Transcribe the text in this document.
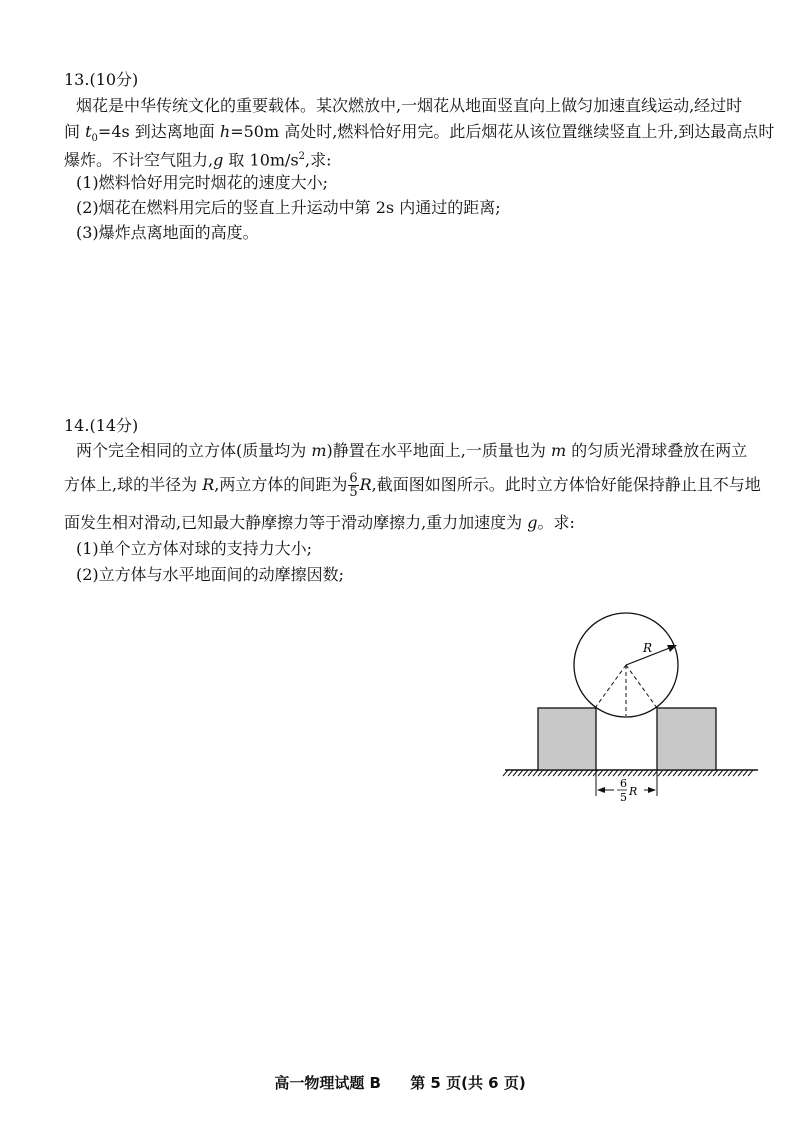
13.(10分)
烟花是中华传统文化的重要载体。某次燃放中,一烟花从地面竖直向上做匀加速直线运动,经过时
间 $t_0=4s$ 到达离地面 h=50m 高处时,燃料恰好用完。此后烟花从该位置继续竖直上升,到达最高点时
爆炸。不计空气阻力,g 取 $10m/s^2$,求:
(1)燃料恰好用完时烟花的速度大小;
(2)烟花在燃料用完后的竖直上升运动中第 2s 内通过的距离;
(3)爆炸点离地面的高度。
14.(14分)
两个完全相同的立方体(质量均为 m)静置在水平地面上,一质量也为 m 的匀质光滑球叠放在两立
方体上,球的半径为 R,两立方体的间距为 $\frac{6}{5} R$,截面图如图所示。此时立方体恰好能保持静止且不与地
面发生相对滑动,已知最大静摩擦力等于滑动摩擦力,重力加速度为 g。求:
(1)单个立方体对球的支持力大小;
(2)立方体与水平地面间的动摩擦因数;
R
6
5 R
高一物理试题 B 第 5 页(共 6 页)
